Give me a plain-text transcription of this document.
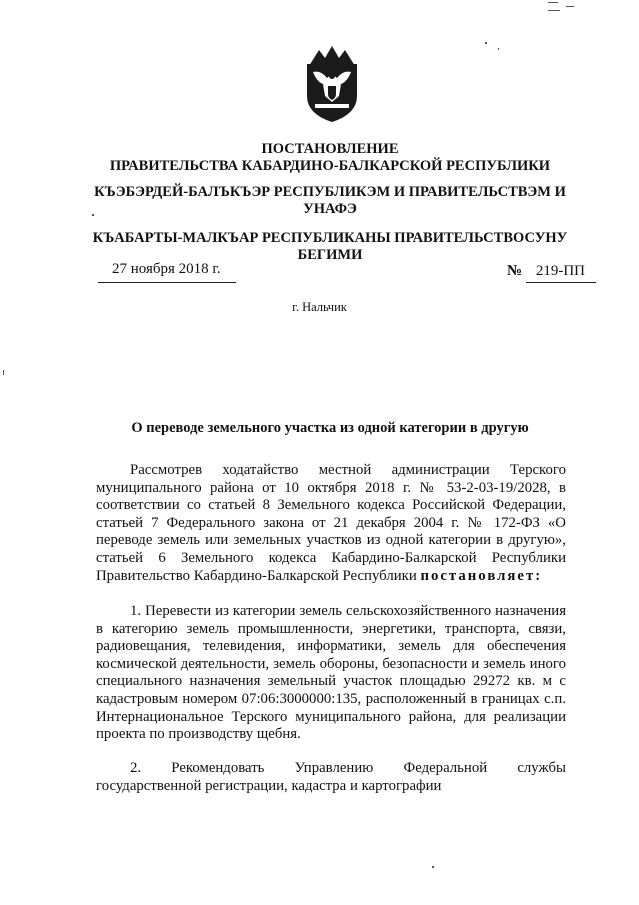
ПОСТАНОВЛЕНИЕ
ПРАВИТЕЛЬСТВА КАБАРДИНО-БАЛКАРСКОЙ РЕСПУБЛИКИ
КЪЭБЭРДЕЙ-БАЛЪКЪЭР РЕСПУБЛИКЭМ И ПРАВИТЕЛЬСТВЭМ И УНАФЭ
КЪАБАРТЫ-МАЛКЪАР РЕСПУБЛИКАНЫ ПРАВИТЕЛЬСТВОСУНУ БЕГИМИ
27 ноября 2018 г.	№ 219-ПП
г. Нальчик
О переводе земельного участка из одной категории в другую

Рассмотрев ходатайство местной администрации Терского муниципального района от 10 октября 2018 г. № 53-2-03-19/2028, в соответствии со статьей 8 Земельного кодекса Российской Федерации, статьей 7 Федерального закона от 21 декабря 2004 г. № 172-ФЗ «О переводе земель или земельных участков из одной категории в другую», статьей 6 Земельного кодекса Кабардино-Балкарской Республики Правительство Кабардино-Балкарской Республики постановляет:

1. Перевести из категории земель сельскохозяйственного назначения в категорию земель промышленности, энергетики, транспорта, связи, радиовещания, телевидения, информатики, земель для обеспечения космической деятельности, земель обороны, безопасности и земель иного специального назначения земельный участок площадью 29272 кв. м с кадастровым номером 07:06:3000000:135, расположенный в границах с.п. Интернациональное Терского муниципального района, для реализации проекта по производству щебня.

2. Рекомендовать Управлению Федеральной службы государственной регистрации, кадастра и картографии
